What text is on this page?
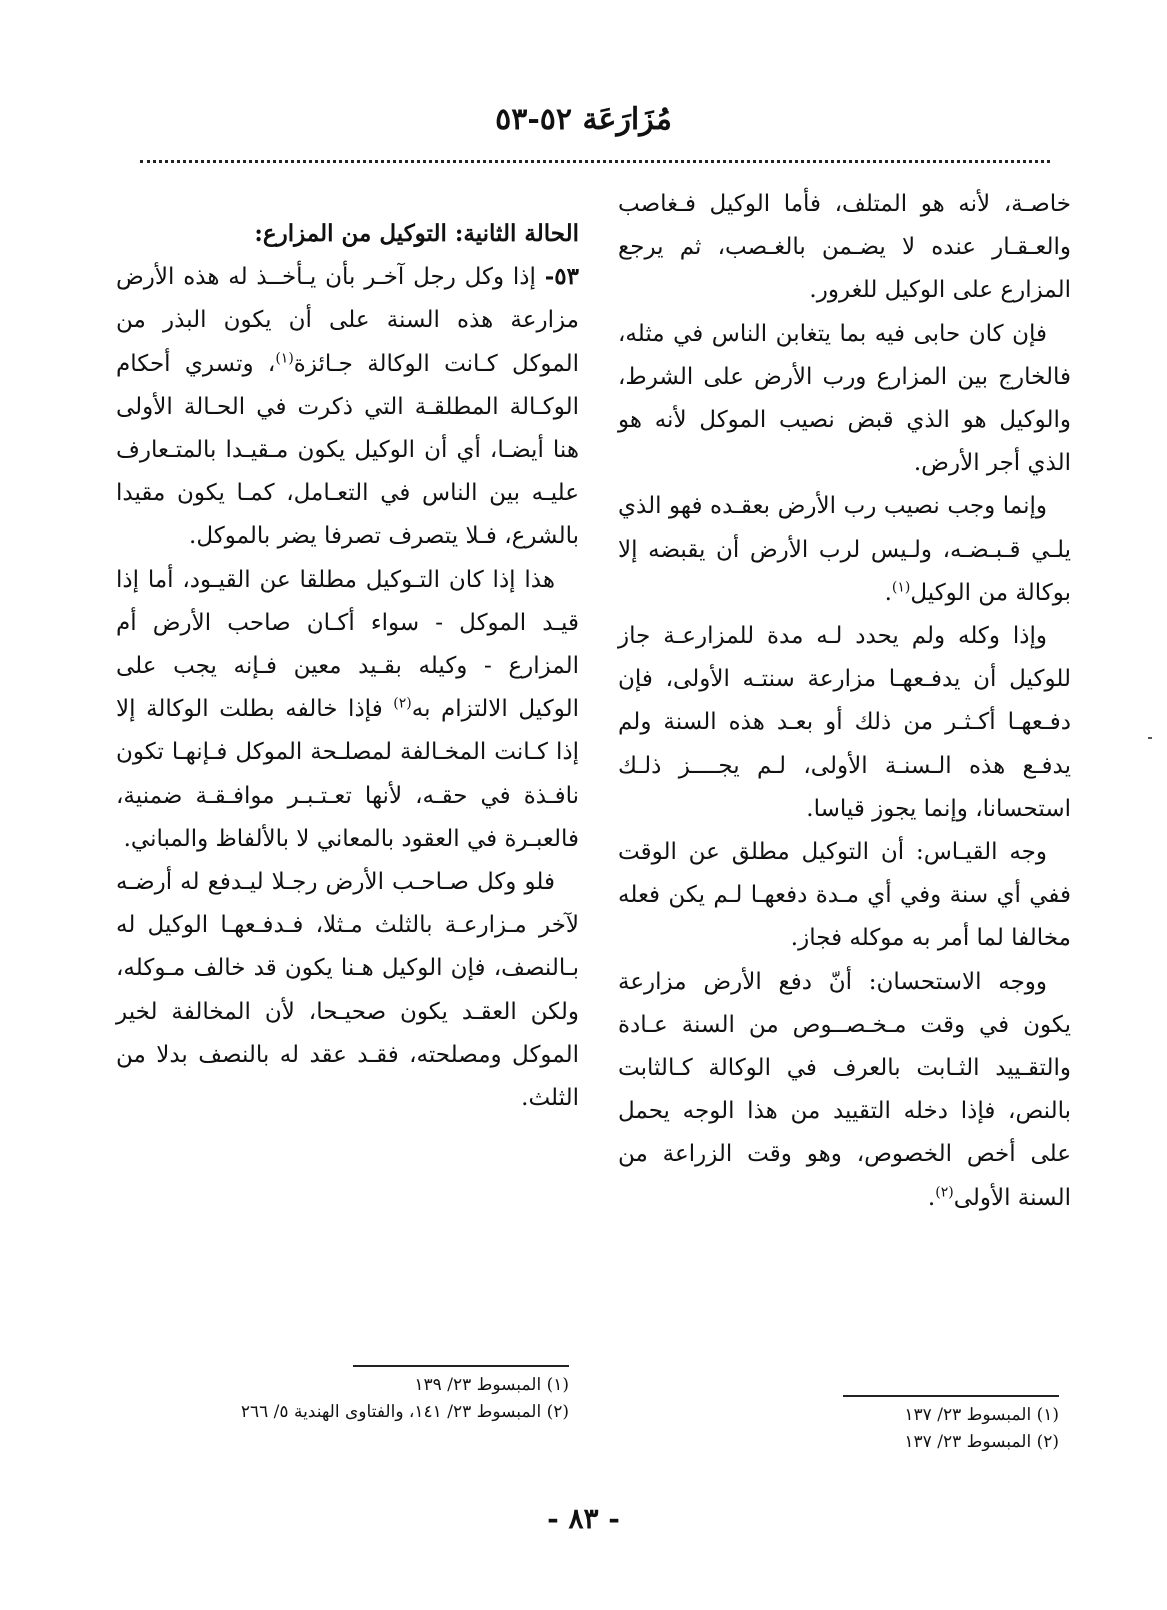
مُزَارَعَة ٥٢-٥٣

خاصـة، لأنه هو المتلف، فأما الوكيل فـغاصب والعـقـار عنده لا يضـمن بالغـصب، ثم يرجع المزارع على الوكيل للغرور.

فإن كان حابى فيه بما يتغابن الناس في مثله، فالخارج بين المزارع ورب الأرض على الشرط، والوكيل هو الذي قبض نصيب الموكل لأنه هو الذي أجر الأرض.

وإنما وجب نصيب رب الأرض بعقـده فهو الذي يلـي قـبـضـه، ولـيس لرب الأرض أن يقبضه إلا بوكالة من الوكيل$^{(١)}$.

وإذا وكله ولم يحدد لـه مدة للمزارعـة جاز للوكيل أن يدفـعهـا مزارعة سنتـه الأولى، فإن دفـعهـا أكـثـر من ذلك أو بعـد هذه السنة ولم يدفـع هذه الـسنـة الأولى، لـم يجــــز ذلـك استحسانا، وإنما يجوز قياسا.

وجه القيـاس: أن التوكيل مطلق عن الوقت ففي أي سنة وفي أي مـدة دفعهـا لـم يكن فعله مخالفا لما أمر به موكله فجاز.

ووجه الاستحسان: أنّ دفع الأرض مزارعة يكون في وقت مـخـصــوص من السنة عـادة والتقـييد الثـابت بالعرف في الوكالة كـالثابت بالنص، فإذا دخله التقييد من هذا الوجه يحمل على أخص الخصوص، وهو وقت الزراعة من السنة الأولى$^{(٢)}$.

الحالة الثانية: التوكيل من المزارع:

٥٣- إذا وكل رجل آخـر بأن يـأخــذ له هذه الأرض مزارعة هذه السنة على أن يكون البذر من الموكل كـانت الوكالة جـائزة$^{(١)}$، وتسري أحكام الوكـالة المطلقـة التي ذكرت في الحـالة الأولى هنا أيضـا، أي أن الوكيل يكون مـقيـدا بالمتـعارف عليـه بين الناس في التعـامل، كمـا يكون مقيدا بالشرع، فـلا يتصرف تصرفا يضر بالموكل.

هذا إذا كان التـوكيل مطلقا عن القيـود، أما إذا قيـد الموكل - سواء أكـان صاحب الأرض أم المزارع - وكيله بقـيد معين فـإنه يجب على الوكيل الالتزام به$^{(٢)}$ فإذا خالفه بطلت الوكالة إلا إذا كـانت المخـالفة لمصلـحة الموكل فـإنهـا تكون نافـذة في حقـه، لأنها تعـتـبـر موافـقـة ضمنية، فالعبـرة في العقود بالمعاني لا بالألفاظ والمباني.

فلو وكل صـاحـب الأرض رجـلا ليـدفع له أرضـه لآخر مـزارعـة بالثلث مـثلا، فـدفـعهـا الوكيل له بـالنصف، فإن الوكيل هـنا يكون قد خالف مـوكله، ولكن العقـد يكون صحيـحا، لأن المخالفة لخير الموكل ومصلحته، فقـد عقد له بالنصف بدلا من الثلث.

(١) المبسوط ٢٣/ ١٣٧
(٢) المبسوط ٢٣/ ١٣٧
(١) المبسوط ٢٣/ ١٣٩
(٢) المبسوط ٢٣/ ١٤١، والفتاوى الهندية ٥/ ٢٦٦
- ٨٣ -
